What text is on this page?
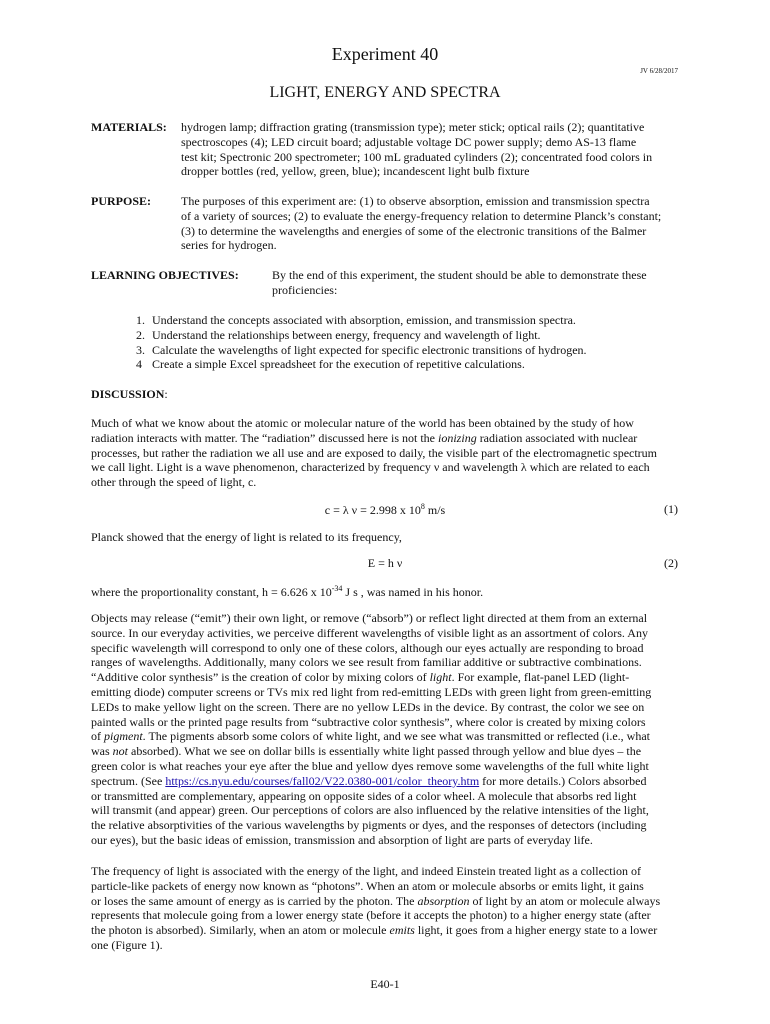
Experiment 40
JV 6/28/2017
LIGHT, ENERGY AND SPECTRA
MATERIALS: hydrogen lamp; diffraction grating (transmission type); meter stick; optical rails (2); quantitative
spectroscopes (4); LED circuit board; adjustable voltage DC power supply; demo AS-13 flame
test kit; Spectronic 200 spectrometer; 100 mL graduated cylinders (2); concentrated food colors in
dropper bottles (red, yellow, green, blue); incandescent light bulb fixture
PURPOSE:	The purposes of this experiment are: (1) to observe absorption, emission and transmission spectra
of a variety of sources; (2) to evaluate the energy-frequency relation to determine Planck’s constant;
(3) to determine the wavelengths and energies of some of the electronic transitions of the Balmer
series for hydrogen.
LEARNING OBJECTIVES:	By the end of this experiment, the student should be able to demonstrate these
proficiencies:
1. Understand the concepts associated with absorption, emission, and transmission spectra.
2. Understand the relationships between energy, frequency and wavelength of light.
3. Calculate the wavelengths of light expected for specific electronic transitions of hydrogen.
4 Create a simple Excel spreadsheet for the execution of repetitive calculations.
DISCUSSION:
Much of what we know about the atomic or molecular nature of the world has been obtained by the study of how
radiation interacts with matter. The “radiation” discussed here is not the ionizing radiation associated with nuclear
processes, but rather the radiation we all use and are exposed to daily, the visible part of the electromagnetic spectrum
we call light. Light is a wave phenomenon, characterized by frequency ν and wavelength λ which are related to each
other through the speed of light, c.
c = λ ν = 2.998 x $10^8$ m/s	(1)
Planck showed that the energy of light is related to its frequency,
E = h ν	(2)
where the proportionality constant, h = 6.626 x $10^{-34}$ J s , was named in his honor.
Objects may release (“emit”) their own light, or remove (“absorb”) or reflect light directed at them from an external
source. In our everyday activities, we perceive different wavelengths of visible light as an assortment of colors. Any
specific wavelength will correspond to only one of these colors, although our eyes actually are responding to broad
ranges of wavelengths. Additionally, many colors we see result from familiar additive or subtractive combinations.
“Additive color synthesis” is the creation of color by mixing colors of light. For example, flat-panel LED (light-
emitting diode) computer screens or TVs mix red light from red-emitting LEDs with green light from green-emitting
LEDs to make yellow light on the screen. There are no yellow LEDs in the device. By contrast, the color we see on
painted walls or the printed page results from “subtractive color synthesis”, where color is created by mixing colors
of pigment. The pigments absorb some colors of white light, and we see what was transmitted or reflected (i.e., what
was not absorbed). What we see on dollar bills is essentially white light passed through yellow and blue dyes – the
green color is what reaches your eye after the blue and yellow dyes remove some wavelengths of the full white light
spectrum. (See https://cs.nyu.edu/courses/fall02/V22.0380-001/color_theory.htm for more details.) Colors absorbed
or transmitted are complementary, appearing on opposite sides of a color wheel. A molecule that absorbs red light
will transmit (and appear) green. Our perceptions of colors are also influenced by the relative intensities of the light,
the relative absorptivities of the various wavelengths by pigments or dyes, and the responses of detectors (including
our eyes), but the basic ideas of emission, transmission and absorption of light are parts of everyday life.
The frequency of light is associated with the energy of the light, and indeed Einstein treated light as a collection of
particle-like packets of energy now known as “photons”. When an atom or molecule absorbs or emits light, it gains
or loses the same amount of energy as is carried by the photon. The absorption of light by an atom or molecule always
represents that molecule going from a lower energy state (before it accepts the photon) to a higher energy state (after
the photon is absorbed). Similarly, when an atom or molecule emits light, it goes from a higher energy state to a lower
one (Figure 1).
E40-1
